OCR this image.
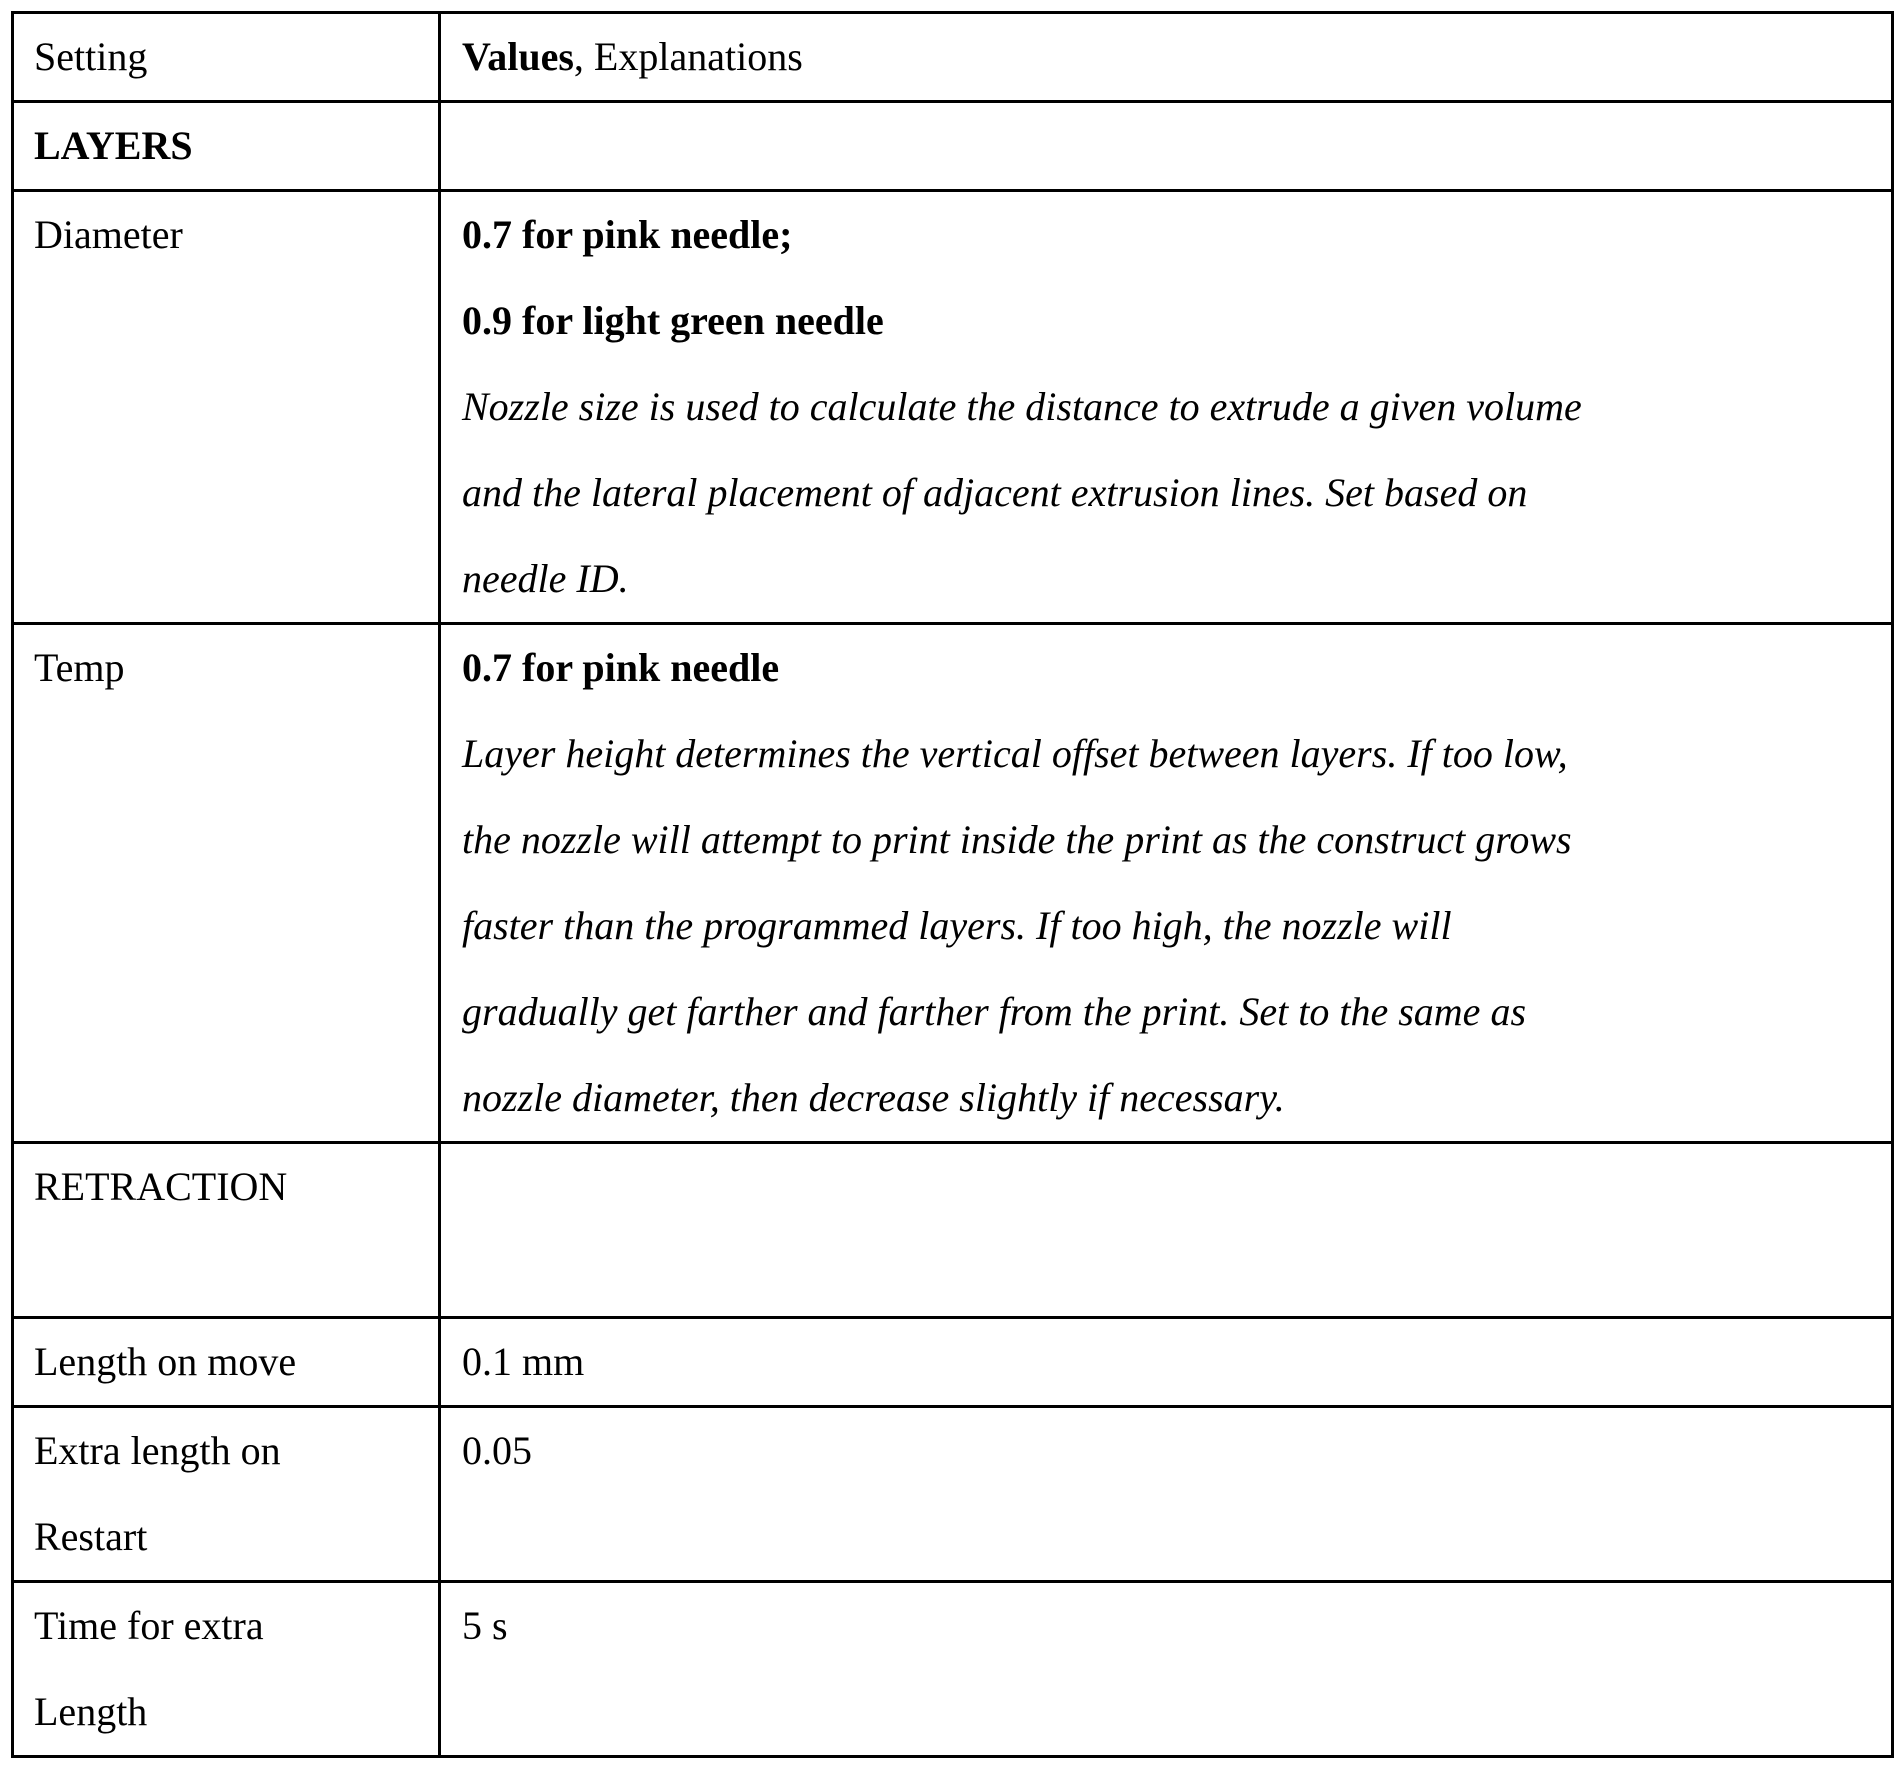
Setting	Values, Explanations

LAYERS	

Diameter	0.7 for pink needle;
0.9 for light green needle
Nozzle size is used to calculate the distance to extrude a given volume
and the lateral placement of adjacent extrusion lines. Set based on
needle ID.

Temp	0.7 for pink needle
Layer height determines the vertical offset between layers. If too low,
the nozzle will attempt to print inside the print as the construct grows
faster than the programmed layers. If too high, the nozzle will
gradually get farther and farther from the print. Set to the same as
nozzle diameter, then decrease slightly if necessary.

RETRACTION	

Length on move	0.1 mm

Extra length on
Restart	0.05

Time for extra
Length	5 s
